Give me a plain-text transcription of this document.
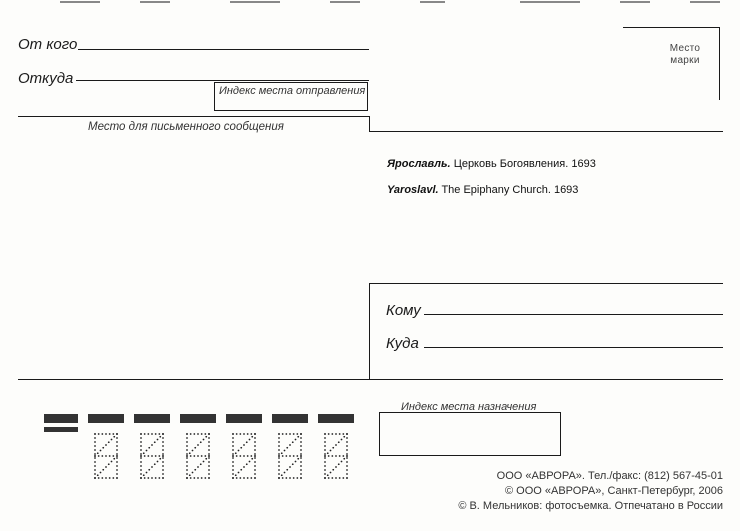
От кого
Откуда
Индекс места отправления
Место для письменного сообщения
Место
марки
Ярославль. Церковь Богоявления. 1693
Yaroslavl. The Epiphany Church. 1693
Кому
Куда
Индекс места назначения
ООО «АВРОРА». Тел./факс: (812) 567-45-01
© ООО «АВРОРА», Санкт-Петербург, 2006
© В. Мельников: фотосъемка. Отпечатано в России
